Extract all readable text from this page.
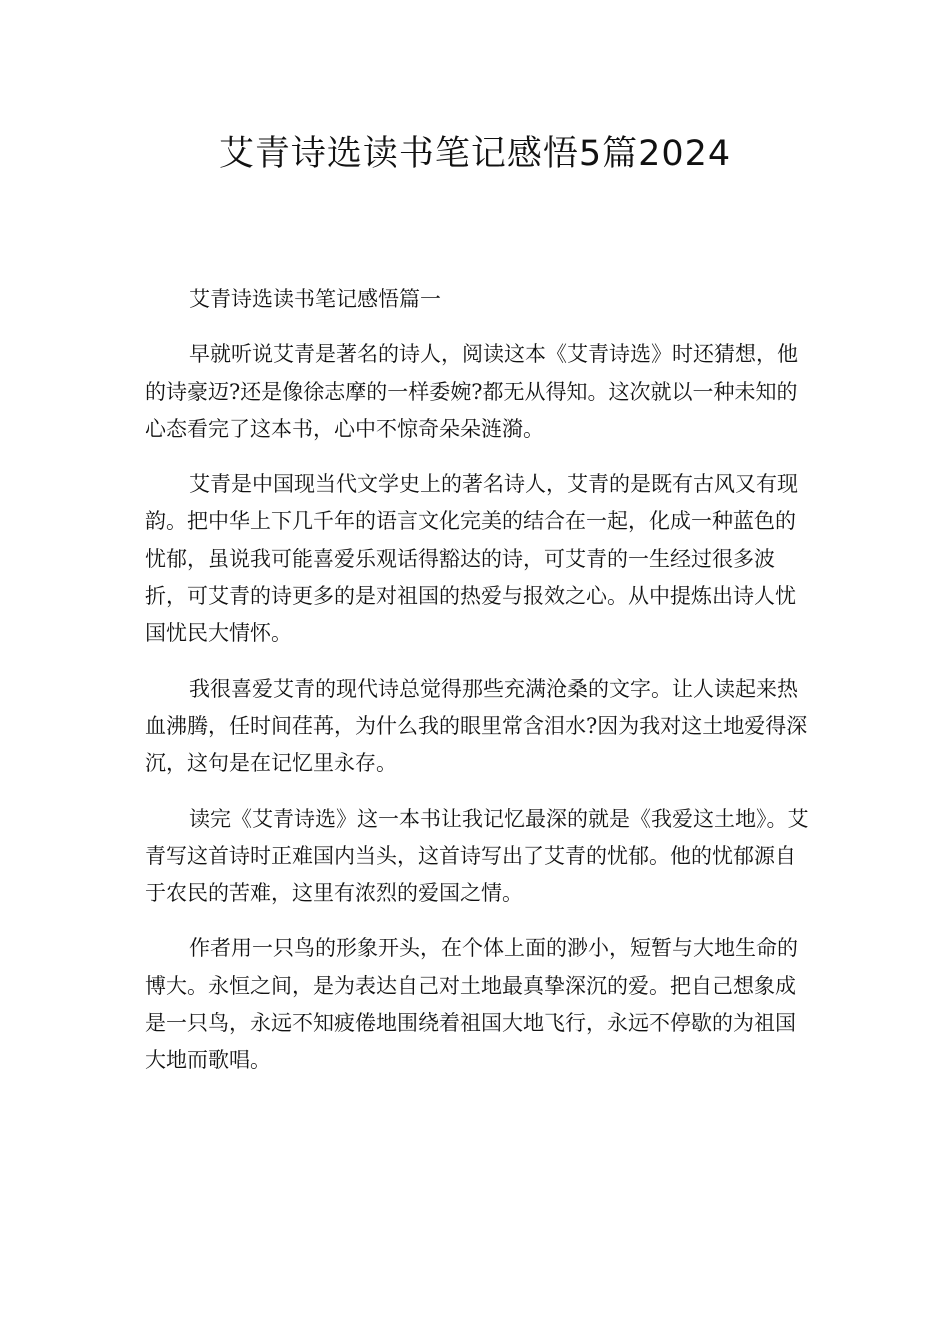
艾青诗选读书笔记感悟5篇2024

艾青诗选读书笔记感悟篇一

早就听说艾青是著名的诗人，阅读这本《艾青诗选》时还猜想，他的诗豪迈?还是像徐志摩的一样委婉?都无从得知。这次就以一种未知的心态看完了这本书，心中不惊奇朵朵涟漪。

艾青是中国现当代文学史上的著名诗人，艾青的是既有古风又有现韵。把中华上下几千年的语言文化完美的结合在一起，化成一种蓝色的忧郁，虽说我可能喜爱乐观话得豁达的诗，可艾青的一生经过很多波折，可艾青的诗更多的是对祖国的热爱与报效之心。从中提炼出诗人忧国忧民大情怀。

我很喜爱艾青的现代诗总觉得那些充满沧桑的文字。让人读起来热血沸腾，任时间荏苒，为什么我的眼里常含泪水?因为我对这土地爱得深沉，这句是在记忆里永存。

读完《艾青诗选》这一本书让我记忆最深的就是《我爱这土地》。艾青写这首诗时正难国内当头，这首诗写出了艾青的忧郁。他的忧郁源自于农民的苦难，这里有浓烈的爱国之情。

作者用一只鸟的形象开头，在个体上面的渺小，短暂与大地生命的博大。永恒之间，是为表达自己对土地最真挚深沉的爱。把自己想象成是一只鸟，永远不知疲倦地围绕着祖国大地飞行，永远不停歇的为祖国大地而歌唱。
